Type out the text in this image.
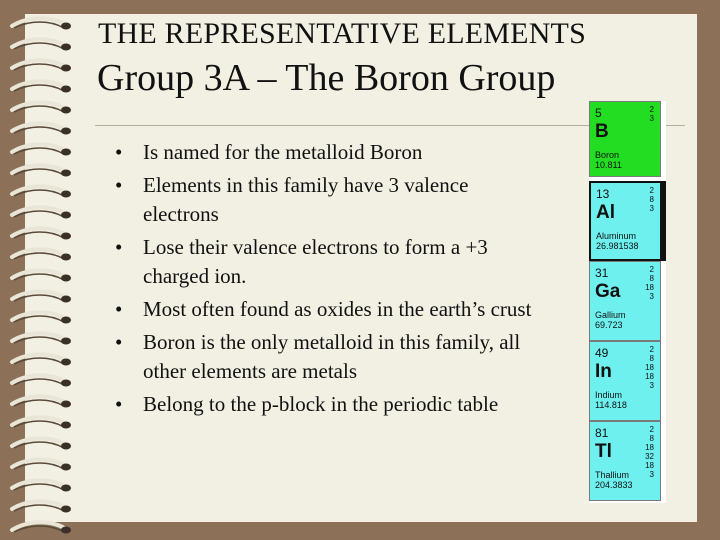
THE REPRESENTATIVE ELEMENTS
Group 3A – The Boron Group
• Is named for the metalloid Boron
• Elements in this family have 3 valence electrons
• Lose their valence electrons to form a +3 charged ion.
• Most often found as oxides in the earth’s crust
• Boron is the only metalloid in this family, all other elements are metals
• Belong to the p-block in the periodic table
5
B
Boron
10.811
2
3
13
Al
Aluminum
26.981538
2
8
3
31
Ga
Gallium
69.723
2
8
18
3
49
In
Indium
114.818
2
8
18
18
3
81
Tl
Thallium
204.3833
2
8
18
32
18
3
